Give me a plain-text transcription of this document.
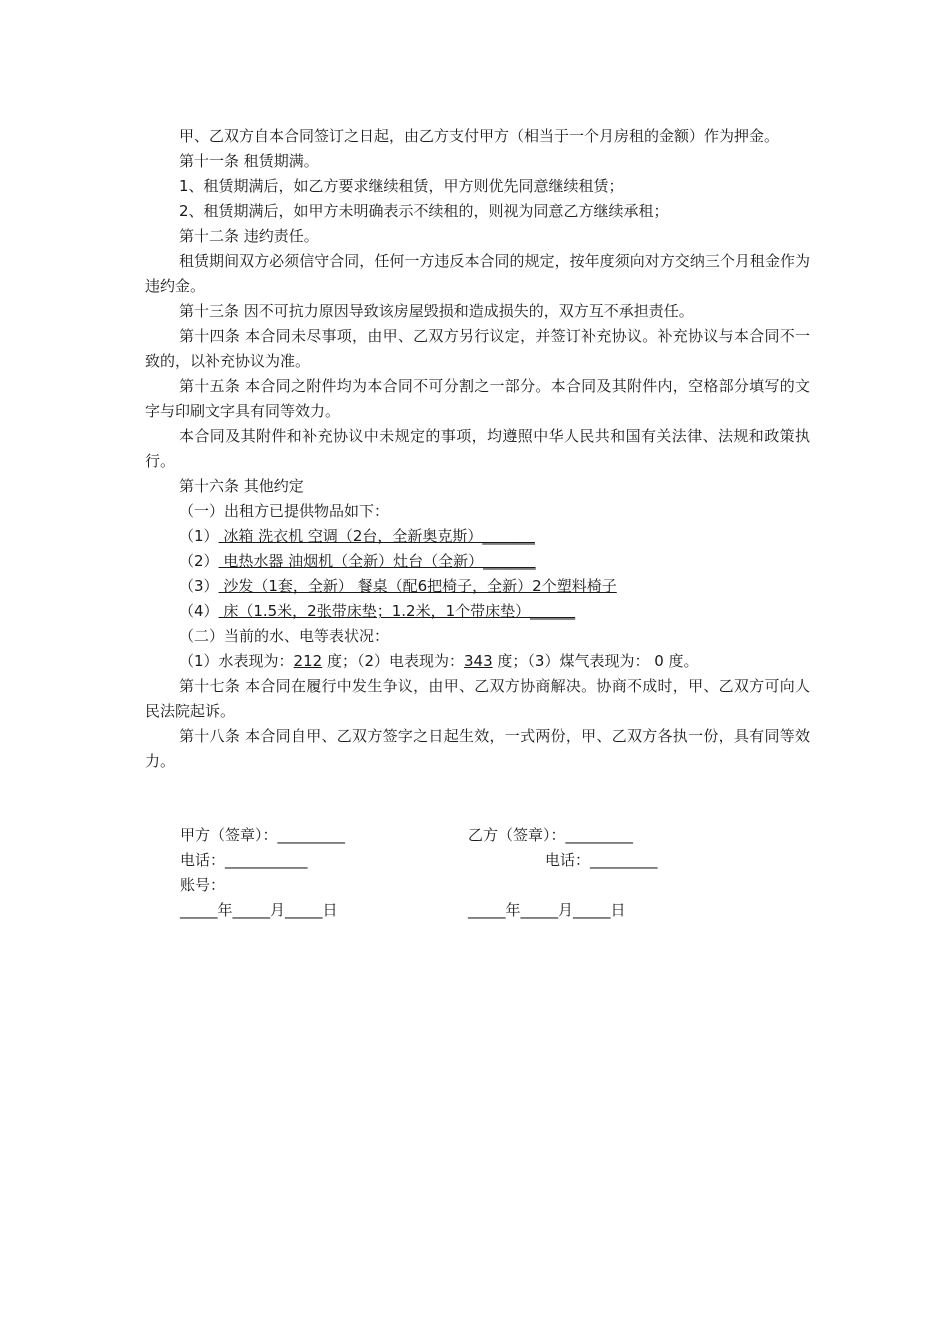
甲、乙双方自本合同签订之日起，由乙方支付甲方（相当于一个月房租的金额）作为押金。

第十一条 租赁期满。

1、租赁期满后，如乙方要求继续租赁，甲方则优先同意继续租赁；

2、租赁期满后，如甲方未明确表示不续租的，则视为同意乙方继续承租；

第十二条 违约责任。

租赁期间双方必须信守合同，任何一方违反本合同的规定，按年度须向对方交纳三个月租金作为违约金。

第十三条 因不可抗力原因导致该房屋毁损和造成损失的，双方互不承担责任。

第十四条 本合同未尽事项，由甲、乙双方另行议定，并签订补充协议。补充协议与本合同不一致的，以补充协议为准。

第十五条 本合同之附件均为本合同不可分割之一部分。本合同及其附件内，空格部分填写的文字与印刷文字具有同等效力。

本合同及其附件和补充协议中未规定的事项，均遵照中华人民共和国有关法律、法规和政策执行。

第十六条 其他约定

（一）出租方已提供物品如下：
（1） 冰箱 洗衣机 空调（2台，全新奥克斯）_______
（2） 电热水器 油烟机（全新）灶台（全新）_______
（3） 沙发（1套，全新） 餐桌（配6把椅子，全新）2个塑料椅子
（4） 床（1.5米，2张带床垫；1.2米，1个带床垫）______
（二）当前的水、电等表状况：
（1）水表现为：212 度；（2）电表现为：343 度；（3）煤气表现为： 0 度。

第十七条 本合同在履行中发生争议，由甲、乙双方协商解决。协商不成时，甲、乙双方可向人民法院起诉。

第十八条 本合同自甲、乙双方签字之日起生效，一式两份，甲、乙双方各执一份，具有同等效力。

甲方（签章）：_________	乙方（签章）：_________
电话：___________	电话：_________
账号：
_____年_____月_____日	_____年_____月_____日
